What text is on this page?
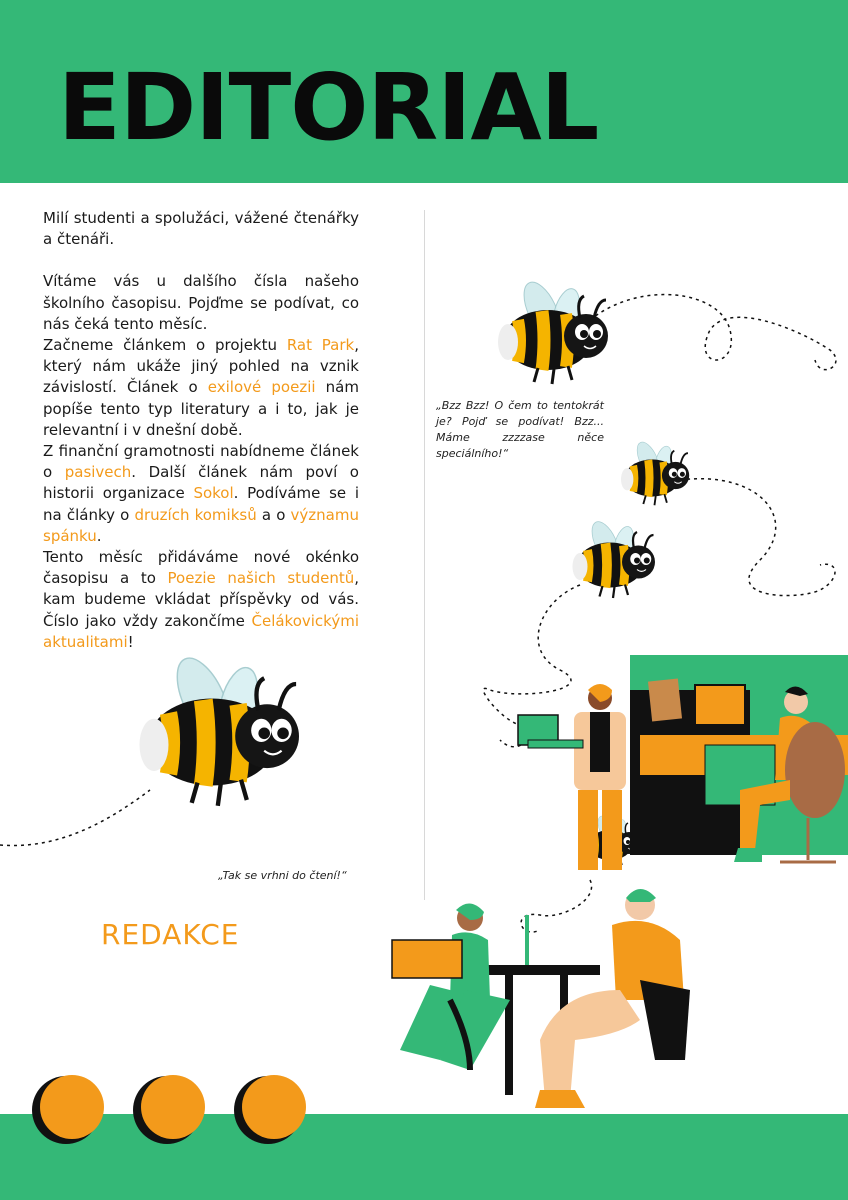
EDITORIAL

Milí studenti a spolužáci, vážené čtenářky a čtenáři.

Vítáme vás u dalšího čísla našeho školního časopisu. Pojďme se podívat, co nás čeká tento měsíc.

Začneme článkem o projektu Rat Park, který nám ukáže jiný pohled na vznik závislostí. Článek o exilové poezii nám popíše tento typ literatury a i to, jak je relevantní i v dnešní době.

Z finanční gramotnosti nabídneme článek o pasivech. Další článek nám poví o historii organizace Sokol. Podíváme se i na články o druzích komiksů a o významu spánku.

Tento měsíc přidáváme nové okénko časopisu a to Poezie našich studentů, kam budeme vkládat příspěvky od vás. Číslo jako vždy zakončíme Čelákovickými aktualitami!

„Bzz Bzz! O čem to tentokrát je? Pojď se podívat! Bzz... Máme zzzzase něce speciálního!“
„Tak se vrhni do čtení!“
REDAKCE
